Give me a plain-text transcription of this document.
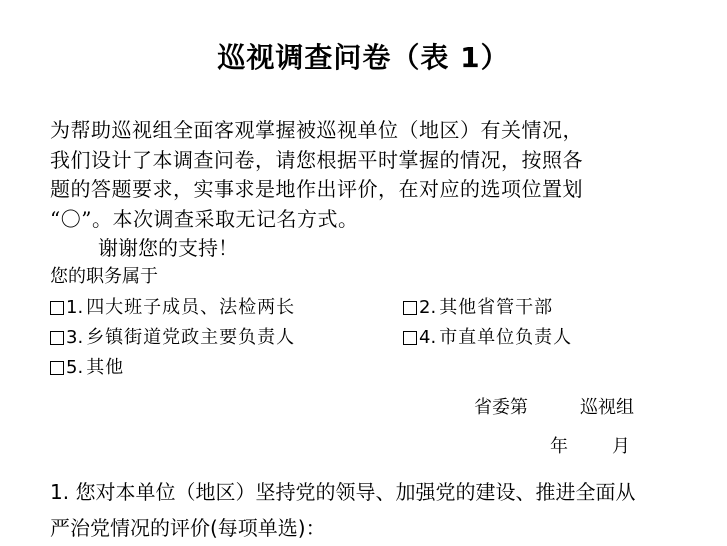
巡视调查问卷（表 1）
为帮助巡视组全面客观掌握被巡视单位（地区）有关情况，
我们设计了本调查问卷，请您根据平时掌握的情况，按照各
题的答题要求，实事求是地作出评价，在对应的选项位置划
“〇”。本次调查采取无记名方式。
谢谢您的支持！
您的职务属于
1. 四大班子成员、法检两长	2. 其他省管干部
3. 乡镇街道党政主要负责人	4. 市直单位负责人
5. 其他
省委第	巡视组
年 月
1. 您对本单位（地区）坚持党的领导、加强党的建设、推进全面从
严治党情况的评价(每项单选)：
